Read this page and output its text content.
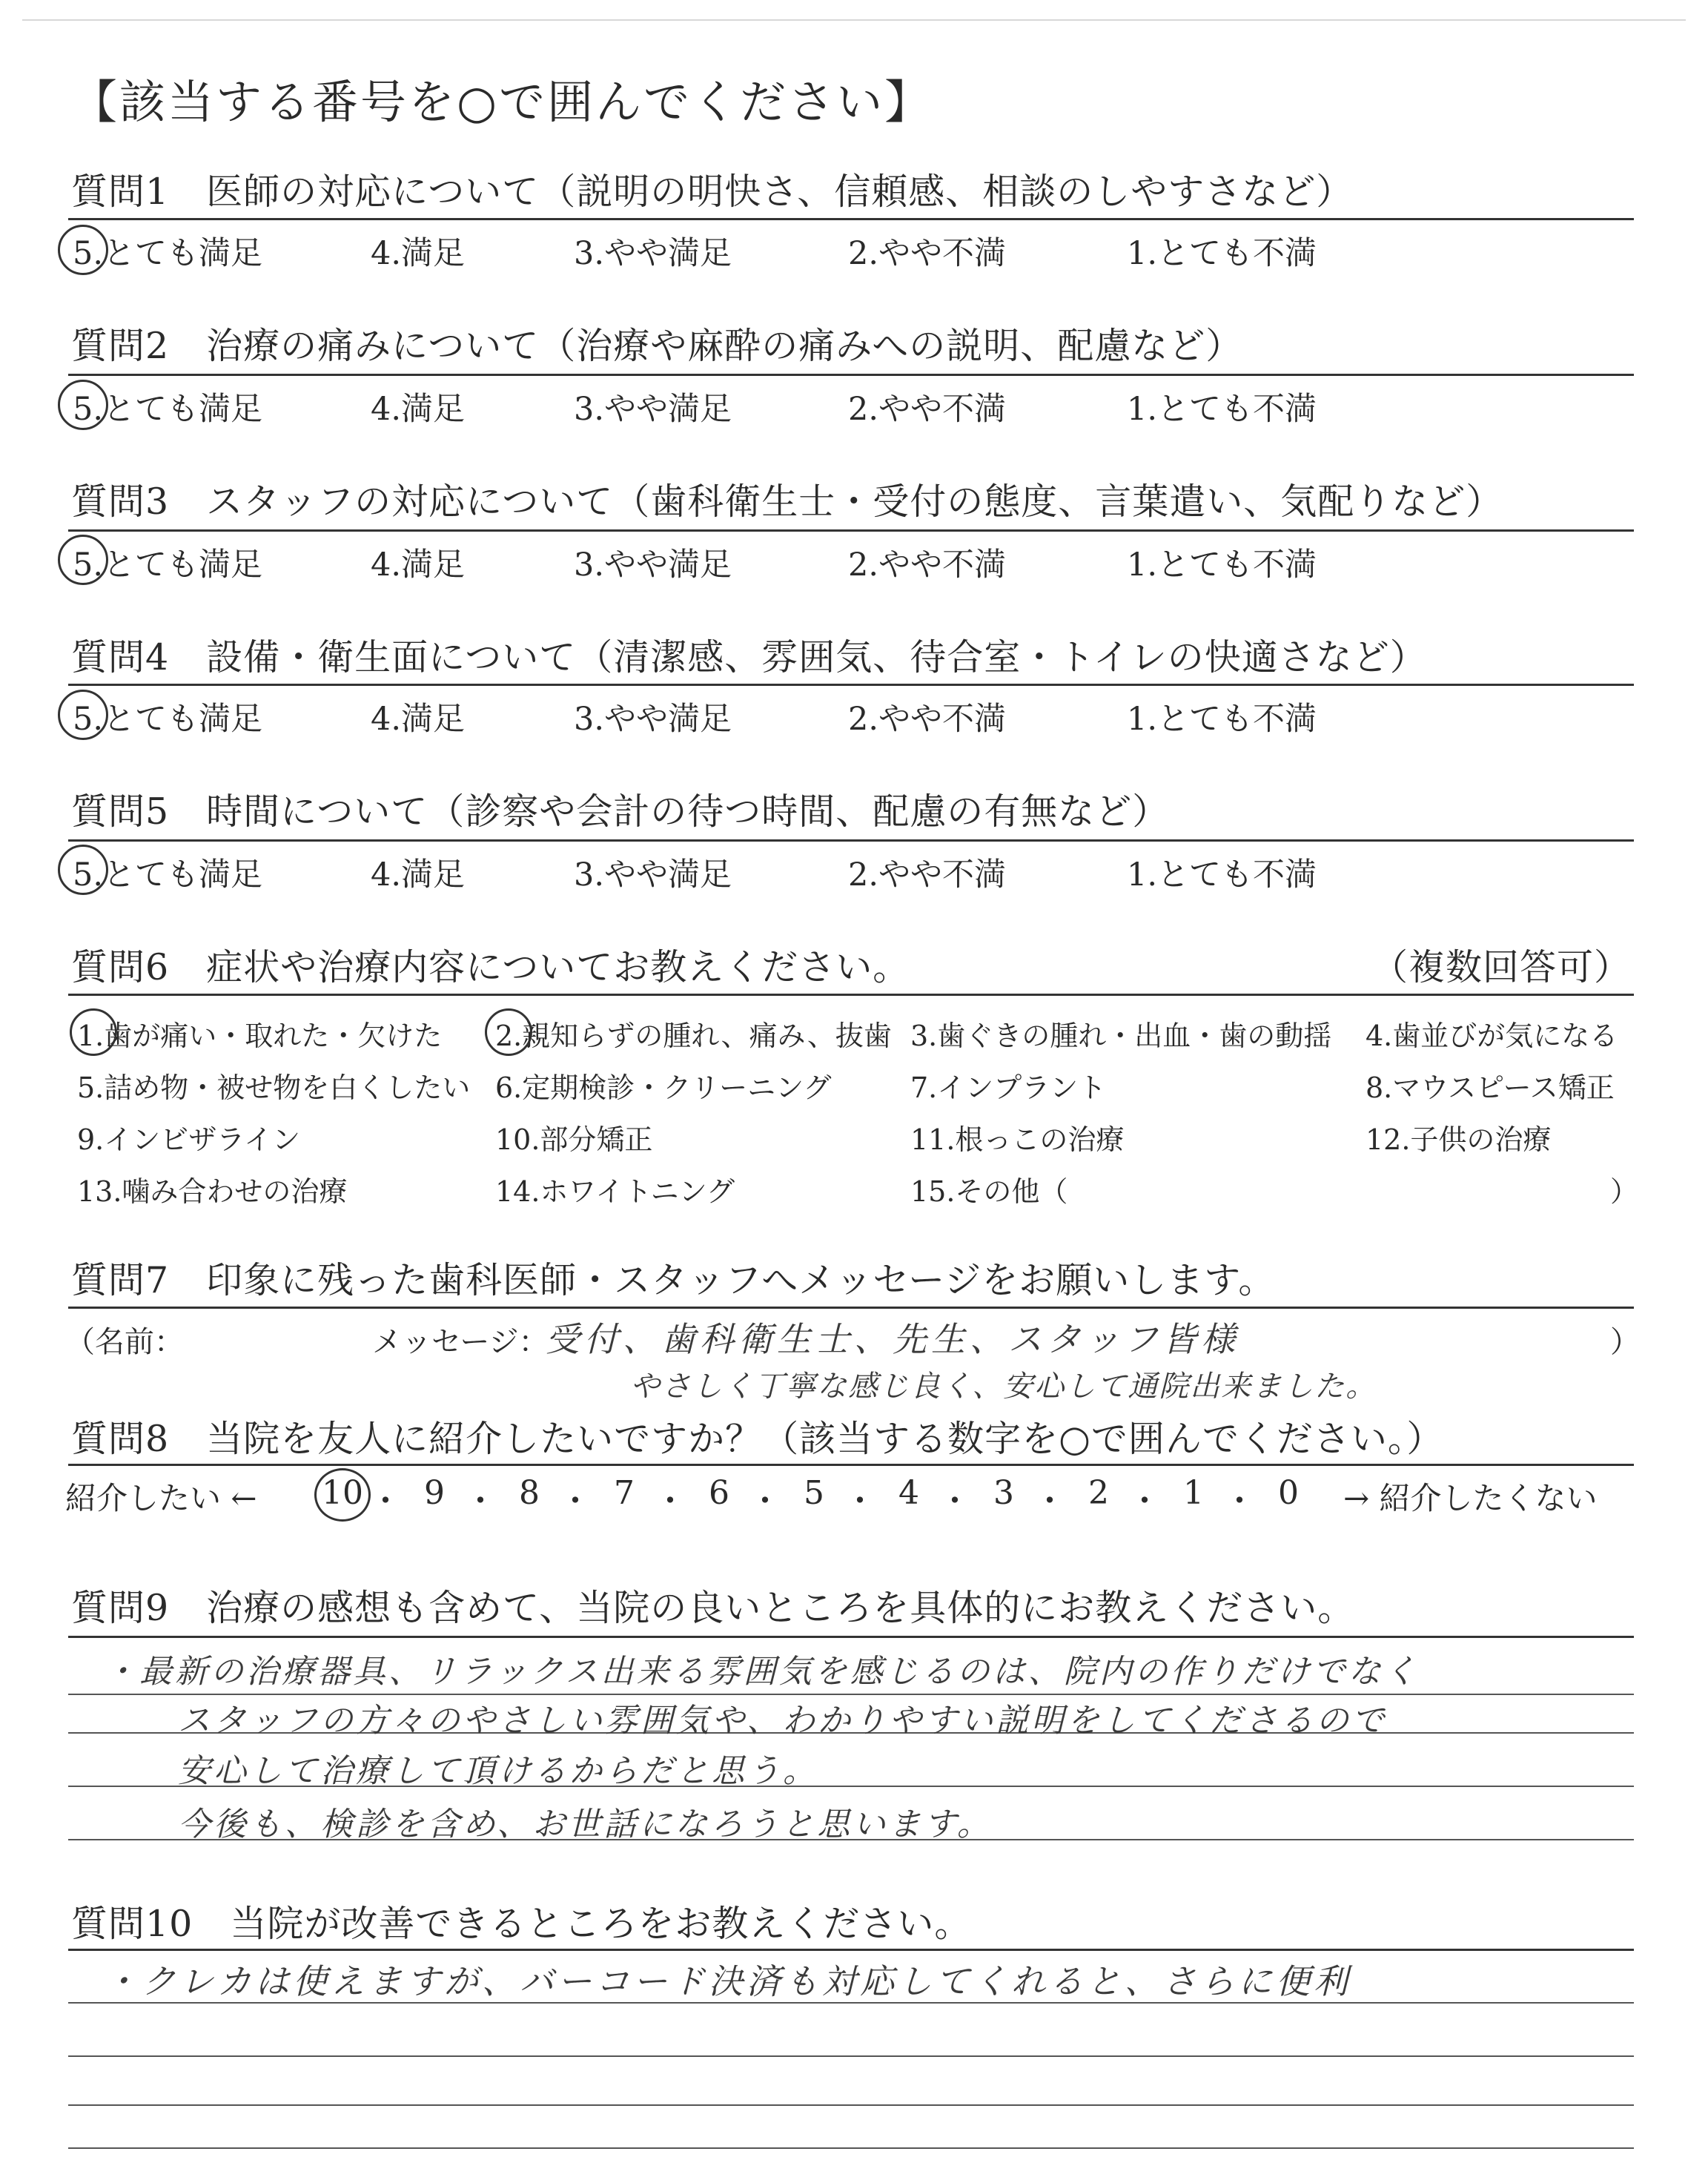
【該当する番号を○で囲んでください】
質問1　医師の対応について（説明の明快さ、信頼感、相談のしやすさなど）
5.とても満足	4.満足	3.やや満足	2.やや不満	1.とても不満
質問2　治療の痛みについて（治療や麻酔の痛みへの説明、配慮など）
5.とても満足	4.満足	3.やや満足	2.やや不満	1.とても不満
質問3　スタッフの対応について（歯科衛生士・受付の態度、言葉遣い、気配りなど）
5.とても満足	4.満足	3.やや満足	2.やや不満	1.とても不満
質問4　設備・衛生面について（清潔感、雰囲気、待合室・トイレの快適さなど）
5.とても満足	4.満足	3.やや満足	2.やや不満	1.とても不満
質問5　時間について（診察や会計の待つ時間、配慮の有無など）
5.とても満足	4.満足	3.やや満足	2.やや不満	1.とても不満
質問6　症状や治療内容についてお教えください。	（複数回答可）
1.歯が痛い・取れた・欠けた 2.親知らずの腫れ、痛み、抜歯 3.歯ぐきの腫れ・出血・歯の動揺 4.歯並びが気になる
5.詰め物・被せ物を白くしたい 6.定期検診・クリーニング	7.インプラント	8.マウスピース矯正
9.インビザライン	10.部分矯正	11.根っこの治療	12.子供の治療
13.噛み合わせの治療	14.ホワイトニング	15.その他（	）
質問7　印象に残った歯科医師・スタッフへメッセージをお願いします。
（名前：	メッセージ：	）
受付、歯科衛生士、先生、スタッフ皆様
やさしく丁寧な感じ良く、安心して通院出来ました。
質問8　当院を友人に紹介したいですか？（該当する数字を○で囲んでください。）
紹介したい ← 10 ・ 9 ・ 8 ・ 7 ・ 6 ・ 5 ・ 4 ・ 3 ・ 2 ・ 1 ・ 0 → 紹介したくない
質問9　治療の感想も含めて、当院の良いところを具体的にお教えください。
・最新の治療器具、リラックス出来る雰囲気を感じるのは、院内の作りだけでなく
スタッフの方々のやさしい雰囲気や、わかりやすい説明をしてくださるので
安心して治療して頂けるからだと思う。
今後も、検診を含め、お世話になろうと思います。
質問10　当院が改善できるところをお教えください。
・クレカは使えますが、バーコード決済も対応してくれると、さらに便利
